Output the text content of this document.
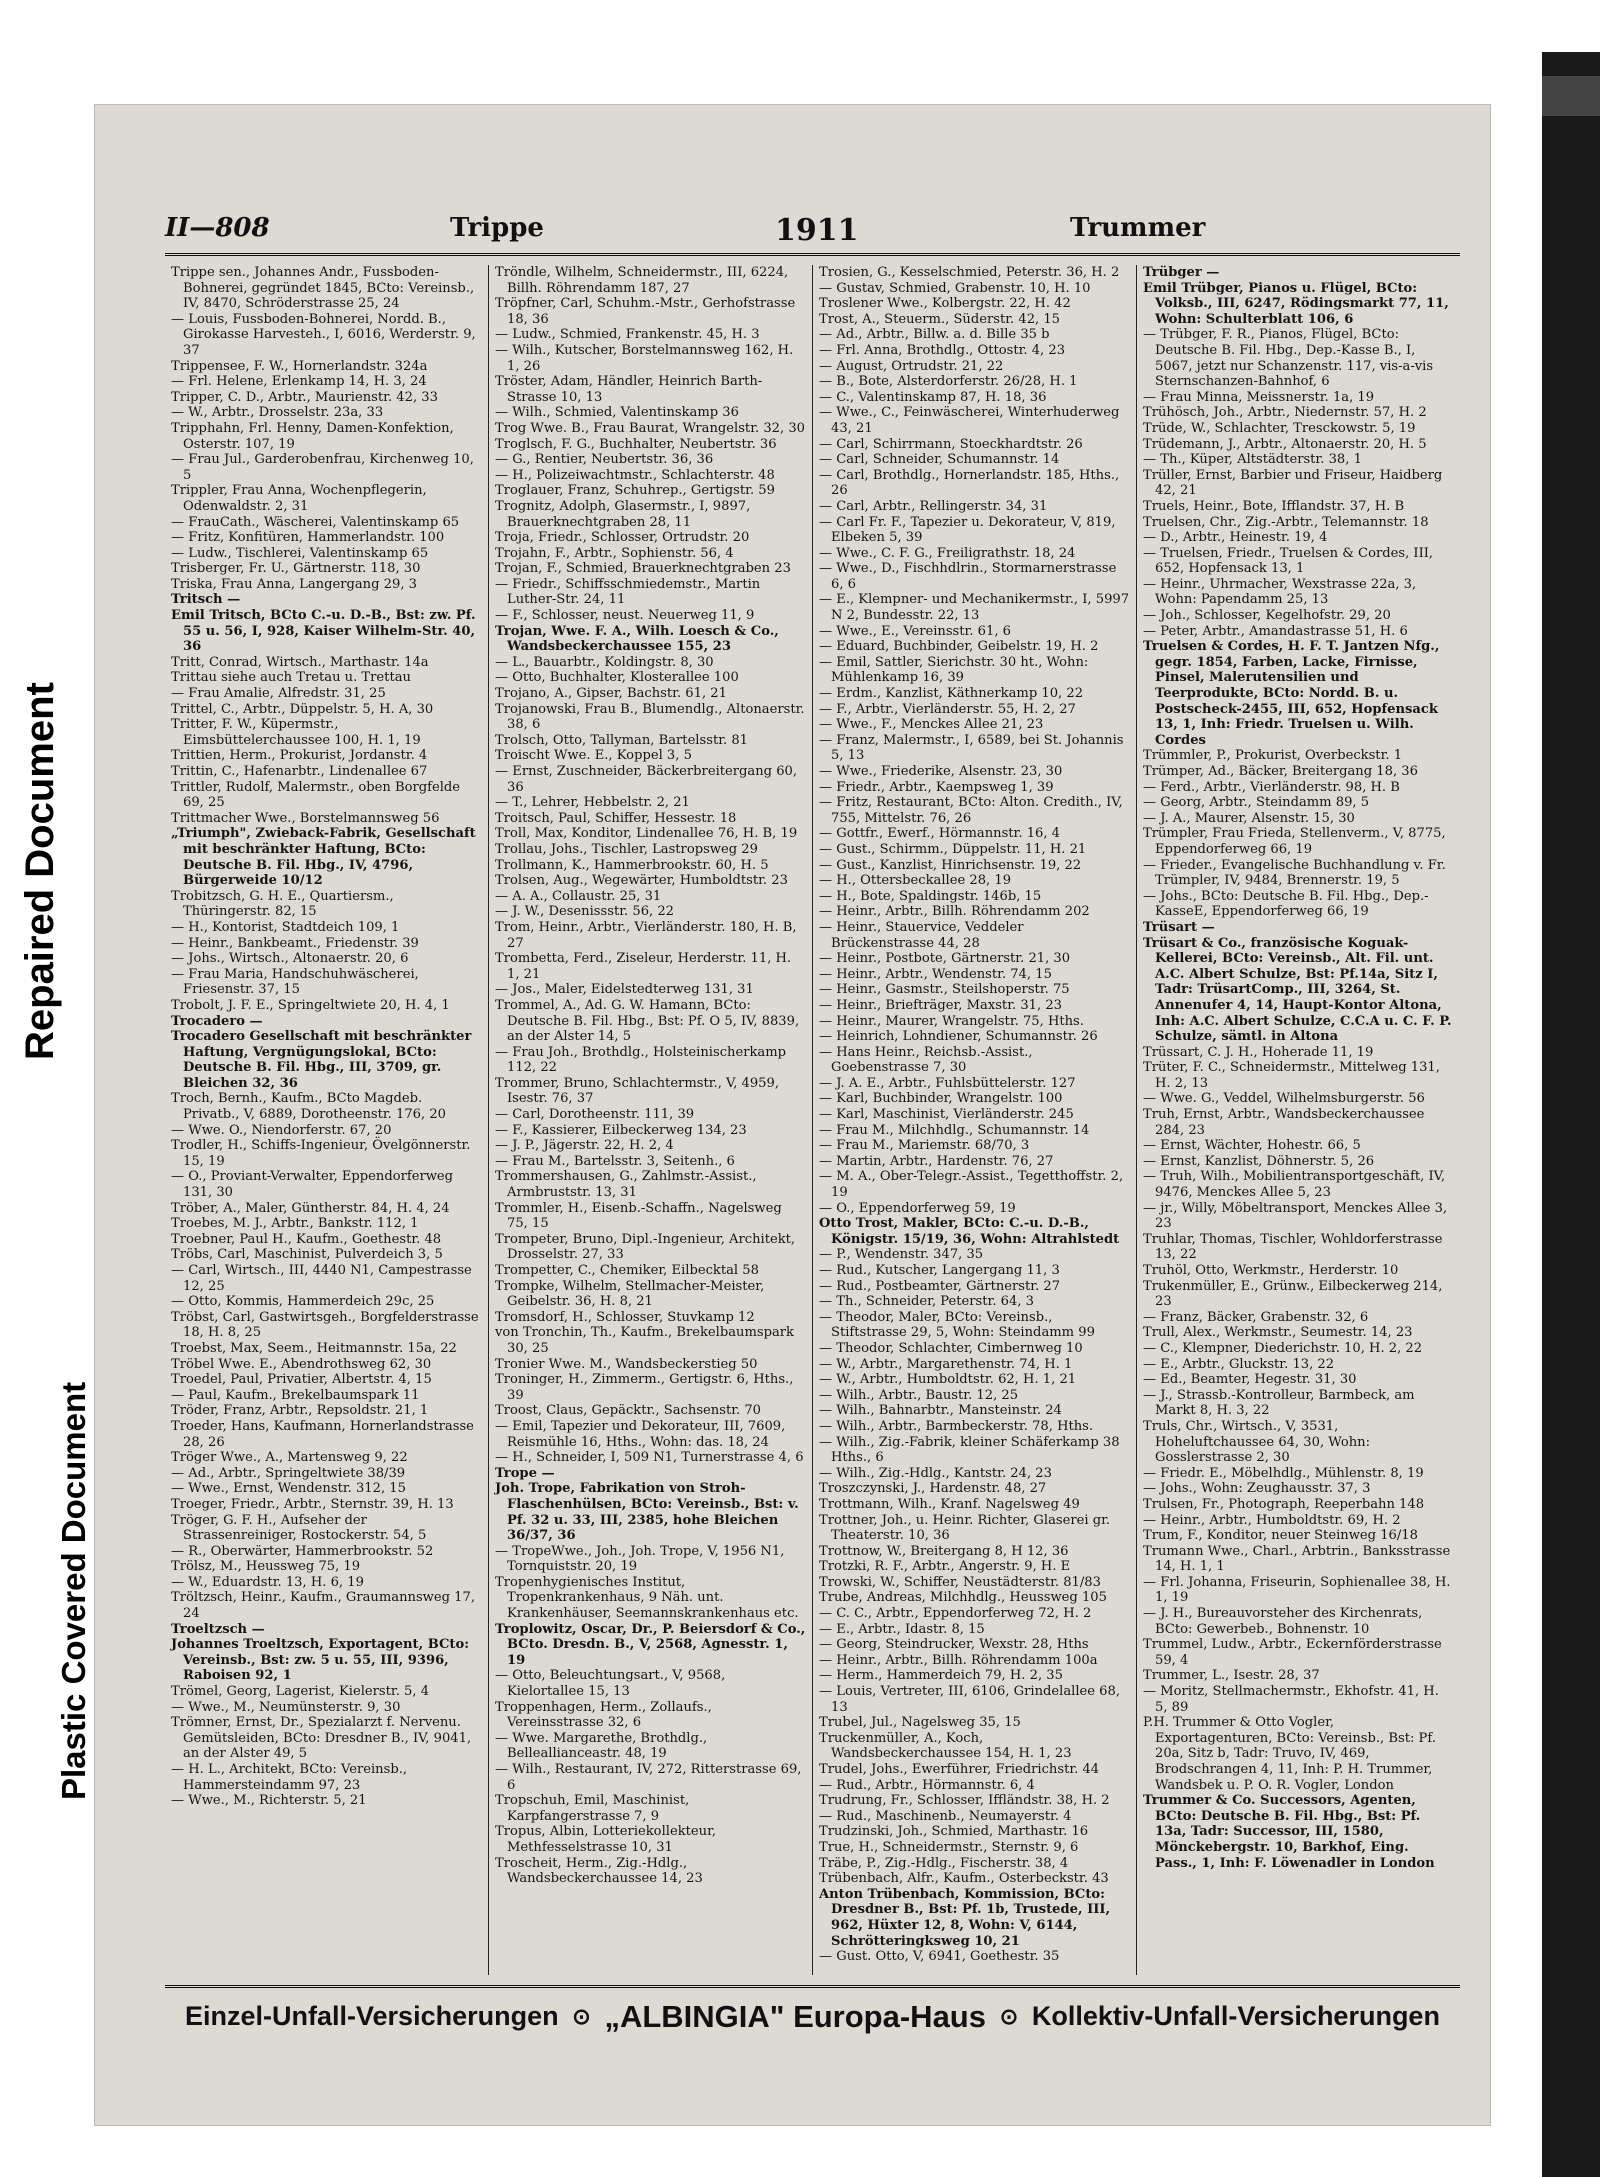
Repaired Document
Plastic Covered Document
II—808	Trippe	1911	Trummer
Trippe sen., Johannes Andr., Fussboden-Bohnerei, gegründet 1845, BCto: Vereinsb., IV, 8470, Schröderstrasse 25, 24
— Louis, Fussboden-Bohnerei, Nordd. B., Girokasse Harvesteh., I, 6016, Werderstr. 9, 37
Trippensee, F. W., Hornerlandstr. 324a
— Frl. Helene, Erlenkamp 14, H. 3, 24
Tripper, C. D., Arbtr., Maurienstr. 42, 33
— W., Arbtr., Drosselstr. 23a, 33
Tripphahn, Frl. Henny, Damen-Konfektion, Osterstr. 107, 19
— Frau Jul., Garderobenfrau, Kirchenweg 10, 5
Trippler, Frau Anna, Wochenpflegerin, Odenwaldstr. 2, 31
— FrauCath., Wäscherei, Valentinskamp 65
— Fritz, Konfitüren, Hammerlandstr. 100
— Ludw., Tischlerei, Valentinskamp 65
Trisberger, Fr. U., Gärtnerstr. 118, 30
Triska, Frau Anna, Langergang 29, 3
Tritsch —
Emil Tritsch, BCto C.-u. D.-B., Bst: zw. Pf. 55 u. 56, I, 928, Kaiser Wilhelm-Str. 40, 36
Tritt, Conrad, Wirtsch., Marthastr. 14a
Trittau siehe auch Tretau u. Trettau
— Frau Amalie, Alfredstr. 31, 25
Trittel, C., Arbtr., Düppelstr. 5, H. A, 30
Tritter, F. W., Küpermstr., Eimsbüttelerchaussee 100, H. 1, 19
Trittien, Herm., Prokurist, Jordanstr. 4
Trittin, C., Hafenarbtr., Lindenallee 67
Trittler, Rudolf, Malermstr., oben Borgfelde 69, 25
Trittmacher Wwe., Borstelmannsweg 56
„Triumph", Zwieback-Fabrik, Gesellschaft mit beschränkter Haftung, BCto: Deutsche B. Fil. Hbg., IV, 4796, Bürgerweide 10/12
Trobitzsch, G. H. E., Quartiersm., Thüringerstr. 82, 15
— H., Kontorist, Stadtdeich 109, 1
— Heinr., Bankbeamt., Friedenstr. 39
— Johs., Wirtsch., Altonaerstr. 20, 6
— Frau Maria, Handschuhwäscherei, Friesenstr. 37, 15
Trobolt, J. F. E., Springeltwiete 20, H. 4, 1
Trocadero —
Trocadero Gesellschaft mit beschränkter Haftung, Vergnügungslokal, BCto: Deutsche B. Fil. Hbg., III, 3709, gr. Bleichen 32, 36
Troch, Bernh., Kaufm., BCto Magdeb. Privatb., V, 6889, Dorotheenstr. 176, 20
— Wwe. O., Niendorferstr. 67, 20
Trodler, H., Schiffs-Ingenieur, Övelgönnerstr. 15, 19
— O., Proviant-Verwalter, Eppendorferweg 131, 30
Tröber, A., Maler, Güntherstr. 84, H. 4, 24
Troebes, M. J., Arbtr., Bankstr. 112, 1
Troebner, Paul H., Kaufm., Goethestr. 48
Tröbs, Carl, Maschinist, Pulverdeich 3, 5
— Carl, Wirtsch., III, 4440 N1, Campestrasse 12, 25
— Otto, Kommis, Hammerdeich 29c, 25
Tröbst, Carl, Gastwirtsgeh., Borgfelderstrasse 18, H. 8, 25
Troebst, Max, Seem., Heitmannstr. 15a, 22
Tröbel Wwe. E., Abendrothsweg 62, 30
Troedel, Paul, Privatier, Albertstr. 4, 15
— Paul, Kaufm., Brekelbaumspark 11
Tröder, Franz, Arbtr., Repsoldstr. 21, 1
Troeder, Hans, Kaufmann, Hornerlandstrasse 28, 26
Tröger Wwe., A., Martensweg 9, 22
— Ad., Arbtr., Springeltwiete 38/39
— Wwe., Ernst, Wendenstr. 312, 15
Troeger, Friedr., Arbtr., Sternstr. 39, H. 13
Tröger, G. F. H., Aufseher der Strassenreiniger, Rostockerstr. 54, 5
— R., Oberwärter, Hammerbrookstr. 52
Trölsz, M., Heussweg 75, 19
— W., Eduardstr. 13, H. 6, 19
Tröltzsch, Heinr., Kaufm., Graumannsweg 17, 24
Troeltzsch —
Johannes Troeltzsch, Exportagent, BCto: Vereinsb., Bst: zw. 5 u. 55, III, 9396, Raboisen 92, 1
Trömel, Georg, Lagerist, Kielerstr. 5, 4
— Wwe., M., Neumünsterstr. 9, 30
Trömner, Ernst, Dr., Spezialarzt f. Nervenu. Gemütsleiden, BCto: Dresdner B., IV, 9041, an der Alster 49, 5
— H. L., Architekt, BCto: Vereinsb., Hammersteindamm 97, 23
— Wwe., M., Richterstr. 5, 21
Tröndle, Wilhelm, Schneidermstr., III, 6224, Billh. Röhrendamm 187, 27
Tröpfner, Carl, Schuhm.-Mstr., Gerhofstrasse 18, 36
— Ludw., Schmied, Frankenstr. 45, H. 3
— Wilh., Kutscher, Borstelmannsweg 162, H. 1, 26
Tröster, Adam, Händler, Heinrich Barth-Strasse 10, 13
— Wilh., Schmied, Valentinskamp 36
Trog Wwe. B., Frau Baurat, Wrangelstr. 32, 30
Troglsch, F. G., Buchhalter, Neubertstr. 36
— G., Rentier, Neubertstr. 36, 36
— H., Polizeiwachtmstr., Schlachterstr. 48
Troglauer, Franz, Schuhrep., Gertigstr. 59
Trognitz, Adolph, Glasermstr., I, 9897, Brauerknechtgraben 28, 11
Troja, Friedr., Schlosser, Ortrudstr. 20
Trojahn, F., Arbtr., Sophienstr. 56, 4
Trojan, F., Schmied, Brauerknechtgraben 23
— Friedr., Schiffsschmiedemstr., Martin Luther-Str. 24, 11
— F., Schlosser, neust. Neuerweg 11, 9
Trojan, Wwe. F. A., Wilh. Loesch & Co., Wandsbeckerchaussee 155, 23
— L., Bauarbtr., Koldingstr. 8, 30
— Otto, Buchhalter, Klosterallee 100
Trojano, A., Gipser, Bachstr. 61, 21
Trojanowski, Frau B., Blumendlg., Altonaerstr. 38, 6
Trolsch, Otto, Tallyman, Bartelsstr. 81
Troischt Wwe. E., Koppel 3, 5
— Ernst, Zuschneider, Bäckerbreitergang 60, 36
— T., Lehrer, Hebbelstr. 2, 21
Troitsch, Paul, Schiffer, Hessestr. 18
Troll, Max, Konditor, Lindenallee 76, H. B, 19
Trollau, Johs., Tischler, Lastropsweg 29
Trollmann, K., Hammerbrookstr. 60, H. 5
Trolsen, Aug., Wegewärter, Humboldtstr. 23
— A. A., Collaustr. 25, 31
— J. W., Desenissstr. 56, 22
Trom, Heinr., Arbtr., Vierländerstr. 180, H. B, 27
Trombetta, Ferd., Ziseleur, Herderstr. 11, H. 1, 21
— Jos., Maler, Eidelstedterweg 131, 31
Trommel, A., Ad. G. W. Hamann, BCto: Deutsche B. Fil. Hbg., Bst: Pf. O 5, IV, 8839, an der Alster 14, 5
— Frau Joh., Brothdlg., Holsteinischerkamp 112, 22
Trommer, Bruno, Schlachtermstr., V, 4959, Isestr. 76, 37
— Carl, Dorotheenstr. 111, 39
— F., Kassierer, Eilbeckerweg 134, 23
— J. P., Jägerstr. 22, H. 2, 4
— Frau M., Bartelsstr. 3, Seitenh., 6
Trommershausen, G., Zahlmstr.-Assist., Armbruststr. 13, 31
Trommler, H., Eisenb.-Schaffn., Nagelsweg 75, 15
Trompeter, Bruno, Dipl.-Ingenieur, Architekt, Drosselstr. 27, 33
Trompetter, C., Chemiker, Eilbecktal 58
Trompke, Wilhelm, Stellmacher-Meister, Geibelstr. 36, H. 8, 21
Tromsdorf, H., Schlosser, Stuvkamp 12
von Tronchin, Th., Kaufm., Brekelbaumspark 30, 25
Tronier Wwe. M., Wandsbeckerstieg 50
Troninger, H., Zimmerm., Gertigstr. 6, Hths., 39
Troost, Claus, Gepäcktr., Sachsenstr. 70
— Emil, Tapezier und Dekorateur, III, 7609, Reismühle 16, Hths., Wohn: das. 18, 24
— H., Schneider, I, 509 N1, Turnerstrasse 4, 6
Trope —
Joh. Trope, Fabrikation von Stroh-Flaschenhülsen, BCto: Vereinsb., Bst: v. Pf. 32 u. 33, III, 2385, hohe Bleichen 36/37, 36
— TropeWwe., Joh., Joh. Trope, V, 1956 N1, Tornquiststr. 20, 19
Tropenhygienisches Institut, Tropenkrankenhaus, 9 Näh. unt. Krankenhäuser, Seemannskrankenhaus etc.
Troplowitz, Oscar, Dr., P. Beiersdorf & Co., BCto. Dresdn. B., V, 2568, Agnesstr. 1, 19
— Otto, Beleuchtungsart., V, 9568, Kielortallee 15, 13
Troppenhagen, Herm., Zollaufs., Vereinsstrasse 32, 6
— Wwe. Margarethe, Brothdlg., Belleallianceastr. 48, 19
— Wilh., Restaurant, IV, 272, Ritterstrasse 69, 6
Tropschuh, Emil, Maschinist, Karpfangerstrasse 7, 9
Tropus, Albin, Lotteriekollekteur, Methfesselstrasse 10, 31
Troscheit, Herm., Zig.-Hdlg., Wandsbeckerchaussee 14, 23
Trosien, G., Kesselschmied, Peterstr. 36, H. 2
— Gustav, Schmied, Grabenstr. 10, H. 10
Troslener Wwe., Kolbergstr. 22, H. 42
Trost, A., Steuerm., Süderstr. 42, 15
— Ad., Arbtr., Billw. a. d. Bille 35 b
— Frl. Anna, Brothdlg., Ottostr. 4, 23
— August, Ortrudstr. 21, 22
— B., Bote, Alsterdorferstr. 26/28, H. 1
— C., Valentinskamp 87, H. 18, 36
— Wwe., C., Feinwäscherei, Winterhuderweg 43, 21
— Carl, Schirrmann, Stoeckhardtstr. 26
— Carl, Schneider, Schumannstr. 14
— Carl, Brothdlg., Hornerlandstr. 185, Hths., 26
— Carl, Arbtr., Rellingerstr. 34, 31
— Carl Fr. F., Tapezier u. Dekorateur, V, 819, Elbeken 5, 39
— Wwe., C. F. G., Freiligrathstr. 18, 24
— Wwe., D., Fischhdlrin., Stormarnerstrasse 6, 6
— E., Klempner- und Mechanikermstr., I, 5997 N 2, Bundesstr. 22, 13
— Wwe., E., Vereinsstr. 61, 6
— Eduard, Buchbinder, Geibelstr. 19, H. 2
— Emil, Sattler, Sierichstr. 30 ht., Wohn: Mühlenkamp 16, 39
— Erdm., Kanzlist, Käthnerkamp 10, 22
— F., Arbtr., Vierländerstr. 55, H. 2, 27
— Wwe., F., Menckes Allee 21, 23
— Franz, Malermstr., I, 6589, bei St. Johannis 5, 13
— Wwe., Friederike, Alsenstr. 23, 30
— Friedr., Arbtr., Kaempsweg 1, 39
— Fritz, Restaurant, BCto: Alton. Credith., IV, 755, Mittelstr. 76, 26
— Gottfr., Ewerf., Hörmannstr. 16, 4
— Gust., Schirmm., Düppelstr. 11, H. 21
— Gust., Kanzlist, Hinrichsenstr. 19, 22
— H., Ottersbeckallee 28, 19
— H., Bote, Spaldingstr. 146b, 15
— Heinr., Arbtr., Billh. Röhrendamm 202
— Heinr., Stauervice, Veddeler Brückenstrasse 44, 28
— Heinr., Postbote, Gärtnerstr. 21, 30
— Heinr., Arbtr., Wendenstr. 74, 15
— Heinr., Gasmstr., Steilshoperstr. 75
— Heinr., Briefträger, Maxstr. 31, 23
— Heinr., Maurer, Wrangelstr. 75, Hths.
— Heinrich, Lohndiener, Schumannstr. 26
— Hans Heinr., Reichsb.-Assist., Goebenstrasse 7, 30
— J. A. E., Arbtr., Fuhlsbüttelerstr. 127
— Karl, Buchbinder, Wrangelstr. 100
— Karl, Maschinist, Vierländerstr. 245
— Frau M., Milchhdlg., Schumannstr. 14
— Frau M., Mariemstr. 68/70, 3
— Martin, Arbtr., Hardenstr. 76, 27
— M. A., Ober-Telegr.-Assist., Tegetthoffstr. 2, 19
— O., Eppendorferweg 59, 19
Otto Trost, Makler, BCto: C.-u. D.-B., Königstr. 15/19, 36, Wohn: Altrahlstedt
— P., Wendenstr. 347, 35
— Rud., Kutscher, Langergang 11, 3
— Rud., Postbeamter, Gärtnerstr. 27
— Th., Schneider, Peterstr. 64, 3
— Theodor, Maler, BCto: Vereinsb., Stiftstrasse 29, 5, Wohn: Steindamm 99
— Theodor, Schlachter, Cimbernweg 10
— W., Arbtr., Margarethenstr. 74, H. 1
— W., Arbtr., Humboldtstr. 62, H. 1, 21
— Wilh., Arbtr., Baustr. 12, 25
— Wilh., Bahnarbtr., Mansteinstr. 24
— Wilh., Arbtr., Barmbeckerstr. 78, Hths.
— Wilh., Zig.-Fabrik, kleiner Schäferkamp 38 Hths., 6
— Wilh., Zig.-Hdlg., Kantstr. 24, 23
Troszczynski, J., Hardenstr. 48, 27
Trottmann, Wilh., Kranf. Nagelsweg 49
Trottner, Joh., u. Heinr. Richter, Glaserei gr. Theaterstr. 10, 36
Trottnow, W., Breitergang 8, H 12, 36
Trotzki, R. F., Arbtr., Angerstr. 9, H. E
Trowski, W., Schiffer, Neustädterstr. 81/83
Trube, Andreas, Milchhdlg., Heussweg 105
— C. C., Arbtr., Eppendorferweg 72, H. 2
— E., Arbtr., Idastr. 8, 15
— Georg, Steindrucker, Wexstr. 28, Hths
— Heinr., Arbtr., Billh. Röhrendamm 100a
— Herm., Hammerdeich 79, H. 2, 35
— Louis, Vertreter, III, 6106, Grindelallee 68, 13
Trubel, Jul., Nagelsweg 35, 15
Truckenmüller, A., Koch, Wandsbeckerchaussee 154, H. 1, 23
Trudel, Johs., Ewerführer, Friedrichstr. 44
— Rud., Arbtr., Hörmannstr. 6, 4
Trudrung, Fr., Schlosser, Iffländstr. 38, H. 2
— Rud., Maschinenb., Neumayerstr. 4
Trudzinski, Joh., Schmied, Marthastr. 16
True, H., Schneidermstr., Sternstr. 9, 6
Träbe, P., Zig.-Hdlg., Fischerstr. 38, 4
Trübenbach, Alfr., Kaufm., Osterbeckstr. 43
Anton Trübenbach, Kommission, BCto: Dresdner B., Bst: Pf. 1b, Trustede, III, 962, Hüxter 12, 8, Wohn: V, 6144, Schrötteringksweg 10, 21
— Gust. Otto, V, 6941, Goethestr. 35
Trübger —
Emil Trübger, Pianos u. Flügel, BCto: Volksb., III, 6247, Rödingsmarkt 77, 11, Wohn: Schulterblatt 106, 6
— Trübger, F. R., Pianos, Flügel, BCto: Deutsche B. Fil. Hbg., Dep.-Kasse B., I, 5067, jetzt nur Schanzenstr. 117, vis-a-vis Sternschanzen-Bahnhof, 6
— Frau Minna, Meissnerstr. 1a, 19
Trühösch, Joh., Arbtr., Niedernstr. 57, H. 2
Trüde, W., Schlachter, Tresckowstr. 5, 19
Trüdemann, J., Arbtr., Altonaerstr. 20, H. 5
— Th., Küper, Altstädterstr. 38, 1
Trüller, Ernst, Barbier und Friseur, Haidberg 42, 21
Truels, Heinr., Bote, Ifflandstr. 37, H. B
Truelsen, Chr., Zig.-Arbtr., Telemannstr. 18
— D., Arbtr., Heinestr. 19, 4
— Truelsen, Friedr., Truelsen & Cordes, III, 652, Hopfensack 13, 1
— Heinr., Uhrmacher, Wexstrasse 22a, 3, Wohn: Papendamm 25, 13
— Joh., Schlosser, Kegelhofstr. 29, 20
— Peter, Arbtr., Amandastrasse 51, H. 6
Truelsen & Cordes, H. F. T. Jantzen Nfg., gegr. 1854, Farben, Lacke, Firnisse, Pinsel, Malerutensilien und Teerprodukte, BCto: Nordd. B. u. Postscheck-2455, III, 652, Hopfensack 13, 1, Inh: Friedr. Truelsen u. Wilh. Cordes
Trümmler, P., Prokurist, Overbeckstr. 1
Trümper, Ad., Bäcker, Breitergang 18, 36
— Ferd., Arbtr., Vierländerstr. 98, H. B
— Georg, Arbtr., Steindamm 89, 5
— J. A., Maurer, Alsenstr. 15, 30
Trümpler, Frau Frieda, Stellenverm., V, 8775, Eppendorferweg 66, 19
— Frieder., Evangelische Buchhandlung v. Fr. Trümpler, IV, 9484, Brennerstr. 19, 5
— Johs., BCto: Deutsche B. Fil. Hbg., Dep.-KasseE, Eppendorferweg 66, 19
Trüsart —
Trüsart & Co., französische Koguak-Kellerei, BCto: Vereinsb., Alt. Fil. unt. A.C. Albert Schulze, Bst: Pf.14a, Sitz I, Tadr: TrüsartComp., III, 3264, St. Annenufer 4, 14, Haupt-Kontor Altona, Inh: A.C. Albert Schulze, C.C.A u. C. F. P. Schulze, sämtl. in Altona
Trüssart, C. J. H., Hoherade 11, 19
Trüter, F. C., Schneidermstr., Mittelweg 131, H. 2, 13
— Wwe. G., Veddel, Wilhelmsburgerstr. 56
Truh, Ernst, Arbtr., Wandsbeckerchaussee 284, 23
— Ernst, Wächter, Hohestr. 66, 5
— Ernst, Kanzlist, Döhnerstr. 5, 26
— Truh, Wilh., Mobilientransportgeschäft, IV, 9476, Menckes Allee 5, 23
— jr., Willy, Möbeltransport, Menckes Allee 3, 23
Truhlar, Thomas, Tischler, Wohldorferstrasse 13, 22
Truhöl, Otto, Werkmstr., Herderstr. 10
Trukenmüller, E., Grünw., Eilbeckerweg 214, 23
— Franz, Bäcker, Grabenstr. 32, 6
Trull, Alex., Werkmstr., Seumestr. 14, 23
— C., Klempner, Diederichstr. 10, H. 2, 22
— E., Arbtr., Gluckstr. 13, 22
— Ed., Beamter, Hegestr. 31, 30
— J., Strassb.-Kontrolleur, Barmbeck, am Markt 8, H. 3, 22
Truls, Chr., Wirtsch., V, 3531, Hoheluftchaussee 64, 30, Wohn: Gosslerstrasse 2, 30
— Friedr. E., Möbelhdlg., Mühlenstr. 8, 19
— Johs., Wohn: Zeughausstr. 37, 3
Trulsen, Fr., Photograph, Reeperbahn 148
— Heinr., Arbtr., Humboldtstr. 69, H. 2
Trum, F., Konditor, neuer Steinweg 16/18
Trumann Wwe., Charl., Arbtrin., Banksstrasse 14, H. 1, 1
— Frl. Johanna, Friseurin, Sophienallee 38, H. 1, 19
— J. H., Bureauvorsteher des Kirchenrats, BCto: Gewerbeb., Bohnenstr. 10
Trummel, Ludw., Arbtr., Eckernförderstrasse 59, 4
Trummer, L., Isestr. 28, 37
— Moritz, Stellmachermstr., Ekhofstr. 41, H. 5, 89
P.H. Trummer & Otto Vogler, Exportagenturen, BCto: Vereinsb., Bst: Pf. 20a, Sitz b, Tadr: Truvo, IV, 469, Brodschrangen 4, 11, Inh: P. H. Trummer, Wandsbek u. P. O. R. Vogler, London
Trummer & Co. Successors, Agenten, BCto: Deutsche B. Fil. Hbg., Bst: Pf. 13a, Tadr: Successor, III, 1580, Mönckebergstr. 10, Barkhof, Eing. Pass., 1, Inh: F. Löwenadler in London
Einzel-Unfall-Versicherungen ⊙ „ALBINGIA" Europa-Haus ⊙ Kollektiv-Unfall-Versicherungen
